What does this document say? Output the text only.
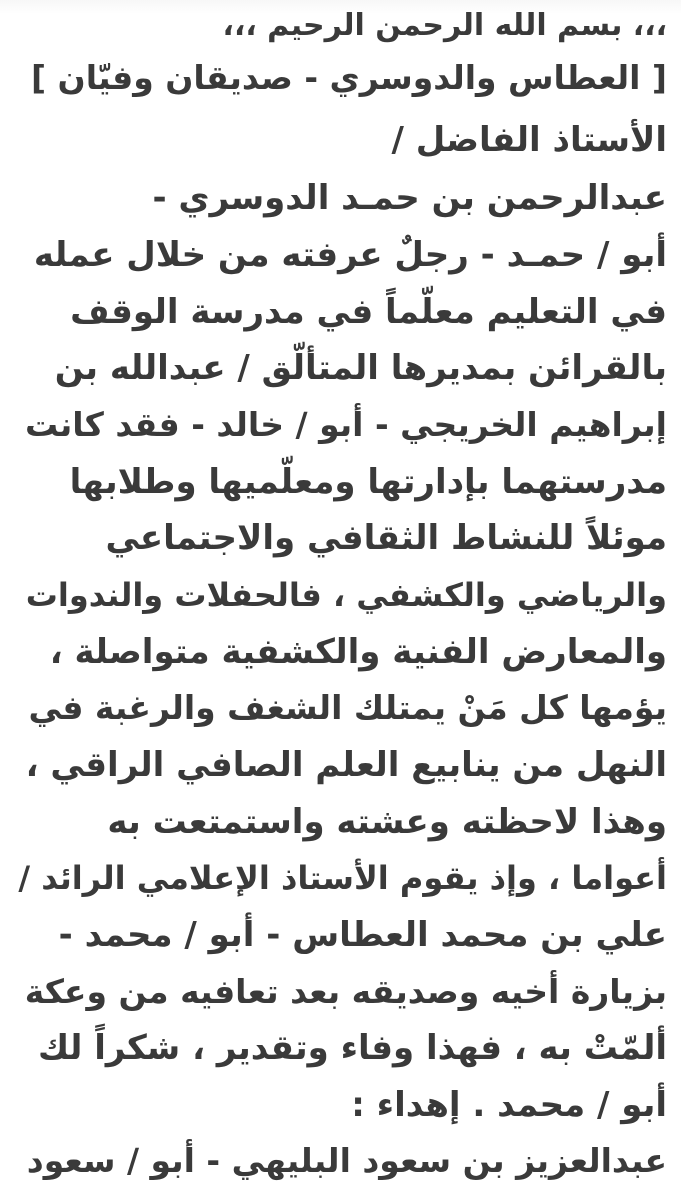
،،، بسم الله الرحمن الرحيم ،،،
[ العطاس والدوسري - صديقان وفيّان ]
الأستاذ الفاضل /
عبدالرحمن بن حمـد الدوسري -
أبو / حمـد - رجلٌ عرفته من خلال عمله
في التعليم معلّماً في مدرسة الوقف
بالقرائن بمديرها المتألّق / عبدالله بن
إبراهيم الخريجي - أبو / خالد - فقد كانت
مدرستهما بإدارتها ومعلّميها وطلابها
موئلاً للنشاط الثقافي والاجتماعي
والرياضي والكشفي ، فالحفلات والندوات
والمعارض الفنية والكشفية متواصلة ،
يؤمها كل مَنْ يمتلك الشغف والرغبة في
النهل من ينابيع العلم الصافي الراقي ،
وهذا لاحظته وعشته واستمتعت به
أعواما ، وإذ يقوم الأستاذ الإعلامي الرائد /
علي بن محمد العطاس - أبو / محمد -
بزيارة أخيه وصديقه بعد تعافيه من وعكة
ألمّتْ به ، فهذا وفاء وتقدير ، شكراً لك
أبو / محمد . إهداء :
عبدالعزيز بن سعود البليهي - أبو / سعود
